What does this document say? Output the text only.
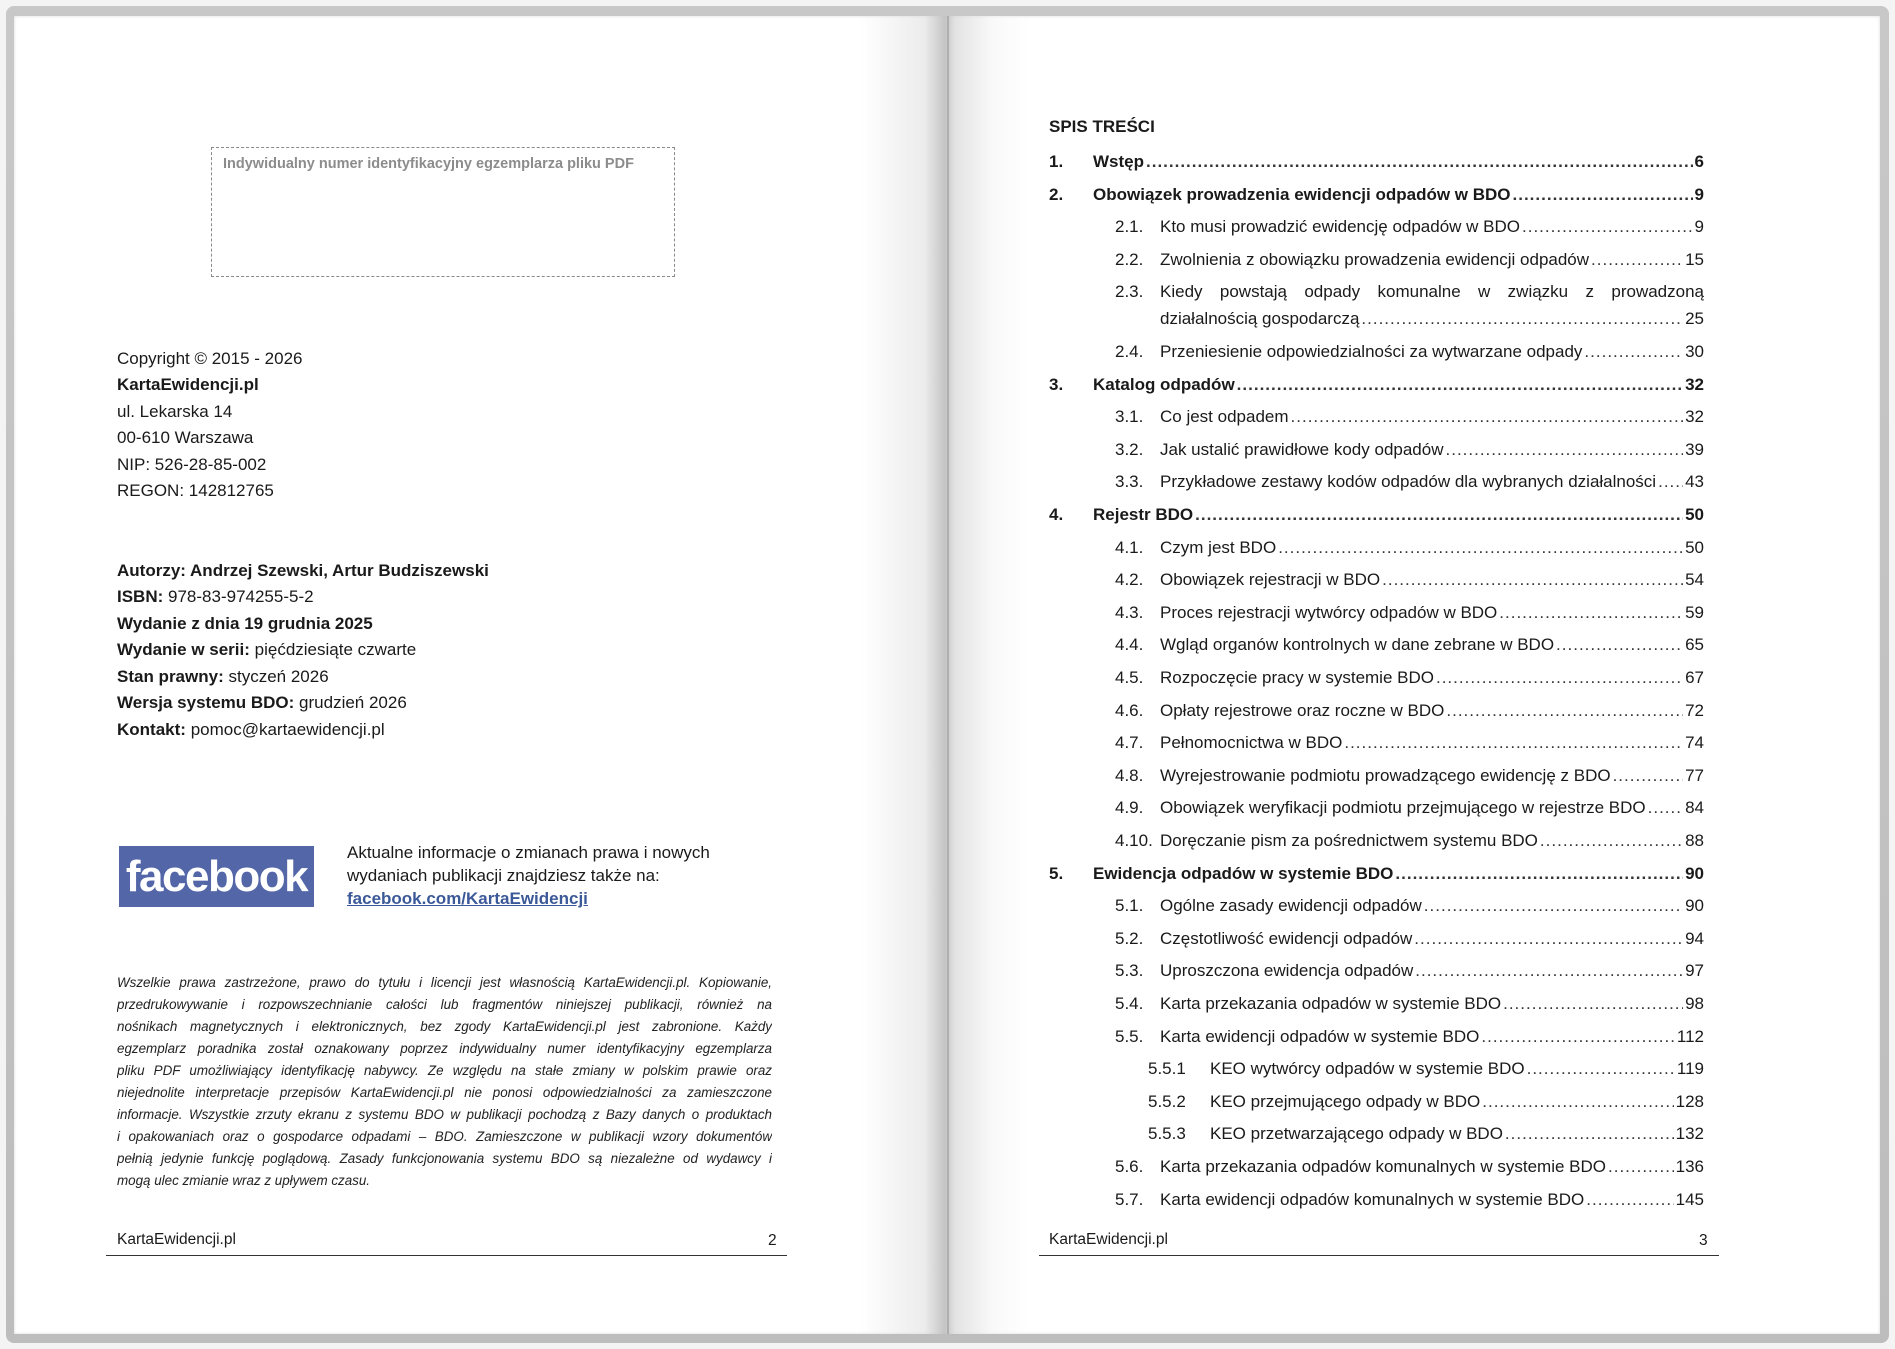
Indywidualny numer identyfikacyjny egzemplarza pliku PDF
Copyright © 2015 - 2026
KartaEwidencji.pl
ul. Lekarska 14
00-610 Warszawa
NIP: 526-28-85-002
REGON: 142812765
Autorzy: Andrzej Szewski, Artur Budziszewski
ISBN: 978-83-974255-5-2
Wydanie z dnia 19 grudnia 2025
Wydanie w serii: pięćdziesiąte czwarte
Stan prawny: styczeń 2026
Wersja systemu BDO: grudzień 2026
Kontakt: pomoc@kartaewidencji.pl
facebook	Aktualne informacje o zmianach prawa i nowych
wydaniach publikacji znajdziesz także na:
facebook.com/KartaEwidencji
Wszelkie prawa zastrzeżone, prawo do tytułu i licencji jest własnością KartaEwidencji.pl. Kopiowanie,
przedrukowywanie i rozpowszechnianie całości lub fragmentów niniejszej publikacji, również na
nośnikach magnetycznych i elektronicznych, bez zgody KartaEwidencji.pl jest zabronione. Każdy
egzemplarz poradnika został oznakowany poprzez indywidualny numer identyfikacyjny egzemplarza
pliku PDF umożliwiający identyfikację nabywcy. Ze względu na stałe zmiany w polskim prawie oraz
niejednolite interpretacje przepisów KartaEwidencji.pl nie ponosi odpowiedzialności za zamieszczone
informacje. Wszystkie zrzuty ekranu z systemu BDO w publikacji pochodzą z Bazy danych o produktach
i opakowaniach oraz o gospodarce odpadami – BDO. Zamieszczone w publikacji wzory dokumentów
pełnią jedynie funkcję poglądową. Zasady funkcjonowania systemu BDO są niezależne od wydawcy i
mogą ulec zmianie wraz z upływem czasu.
KartaEwidencji.pl	2
SPIS TREŚCI
1. Wstęp .....	6
2. Obowiązek prowadzenia ewidencji odpadów w BDO .....	9
2.1. Kto musi prowadzić ewidencję odpadów w BDO .....	9
2.2. Zwolnienia z obowiązku prowadzenia ewidencji odpadów .....	15
2.3. Kiedy powstają odpady komunalne w związku z prowadzoną
działalnością gospodarczą .....	25
2.4. Przeniesienie odpowiedzialności za wytwarzane odpady .....	30
3. Katalog odpadów .....	32
3.1. Co jest odpadem .....	32
3.2. Jak ustalić prawidłowe kody odpadów .....	39
3.3. Przykładowe zestawy kodów odpadów dla wybranych działalności ..... 43
4. Rejestr BDO .....	50
4.1. Czym jest BDO .....	50
4.2. Obowiązek rejestracji w BDO .....	54
4.3. Proces rejestracji wytwórcy odpadów w BDO .....	59
4.4. Wgląd organów kontrolnych w dane zebrane w BDO .....	65
4.5. Rozpoczęcie pracy w systemie BDO .....	67
4.6. Opłaty rejestrowe oraz roczne w BDO .....	72
4.7. Pełnomocnictwa w BDO .....	74
4.8. Wyrejestrowanie podmiotu prowadzącego ewidencję z BDO .....	77
4.9. Obowiązek weryfikacji podmiotu przejmującego w rejestrze BDO ..... 84
4.10. Doręczanie pism za pośrednictwem systemu BDO .....	88
5. Ewidencja odpadów w systemie BDO .....	90
5.1. Ogólne zasady ewidencji odpadów .....	90
5.2. Częstotliwość ewidencji odpadów .....	94
5.3. Uproszczona ewidencja odpadów .....	97
5.4. Karta przekazania odpadów w systemie BDO .....	98
5.5. Karta ewidencji odpadów w systemie BDO .....	112
5.5.1 KEO wytwórcy odpadów w systemie BDO .....	119
5.5.2 KEO przejmującego odpady w BDO .....	128
5.5.3 KEO przetwarzającego odpady w BDO .....	132
5.6. Karta przekazania odpadów komunalnych w systemie BDO .....	136
5.7. Karta ewidencji odpadów komunalnych w systemie BDO .....	145
KartaEwidencji.pl	3
